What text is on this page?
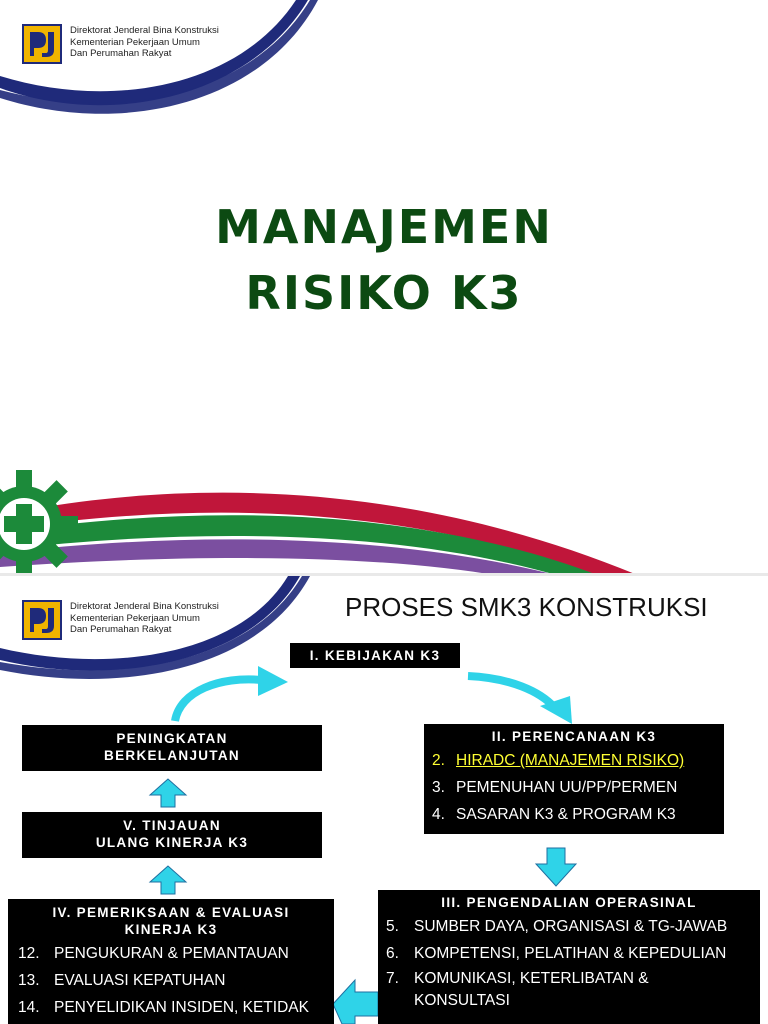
Direktorat Jenderal Bina Konstruksi
Kementerian Pekerjaan Umum
Dan Perumahan Rakyat
MANAJEMEN
RISIKO K3
Direktorat Jenderal Bina Konstruksi
Kementerian Pekerjaan Umum
Dan Perumahan Rakyat
PROSES SMK3 KONSTRUKSI
I. KEBIJAKAN K3
II. PERENCANAAN K3
2. HIRADC (MANAJEMEN RISIKO)
3. PEMENUHAN UU/PP/PERMEN
4. SASARAN K3 & PROGRAM K3
PENINGKATAN
BERKELANJUTAN
V. TINJAUAN
ULANG KINERJA K3
IV. PEMERIKSAAN & EVALUASI
KINERJA K3
12. PENGUKURAN & PEMANTAUAN
13. EVALUASI KEPATUHAN
14. PENYELIDIKAN INSIDEN, KETIDAK
III. PENGENDALIAN OPERASINAL
5. SUMBER DAYA, ORGANISASI & TG-JAWAB
6. KOMPETENSI, PELATIHAN & KEPEDULIAN
7. KOMUNIKASI, KETERLIBATAN &
KONSULTASI
